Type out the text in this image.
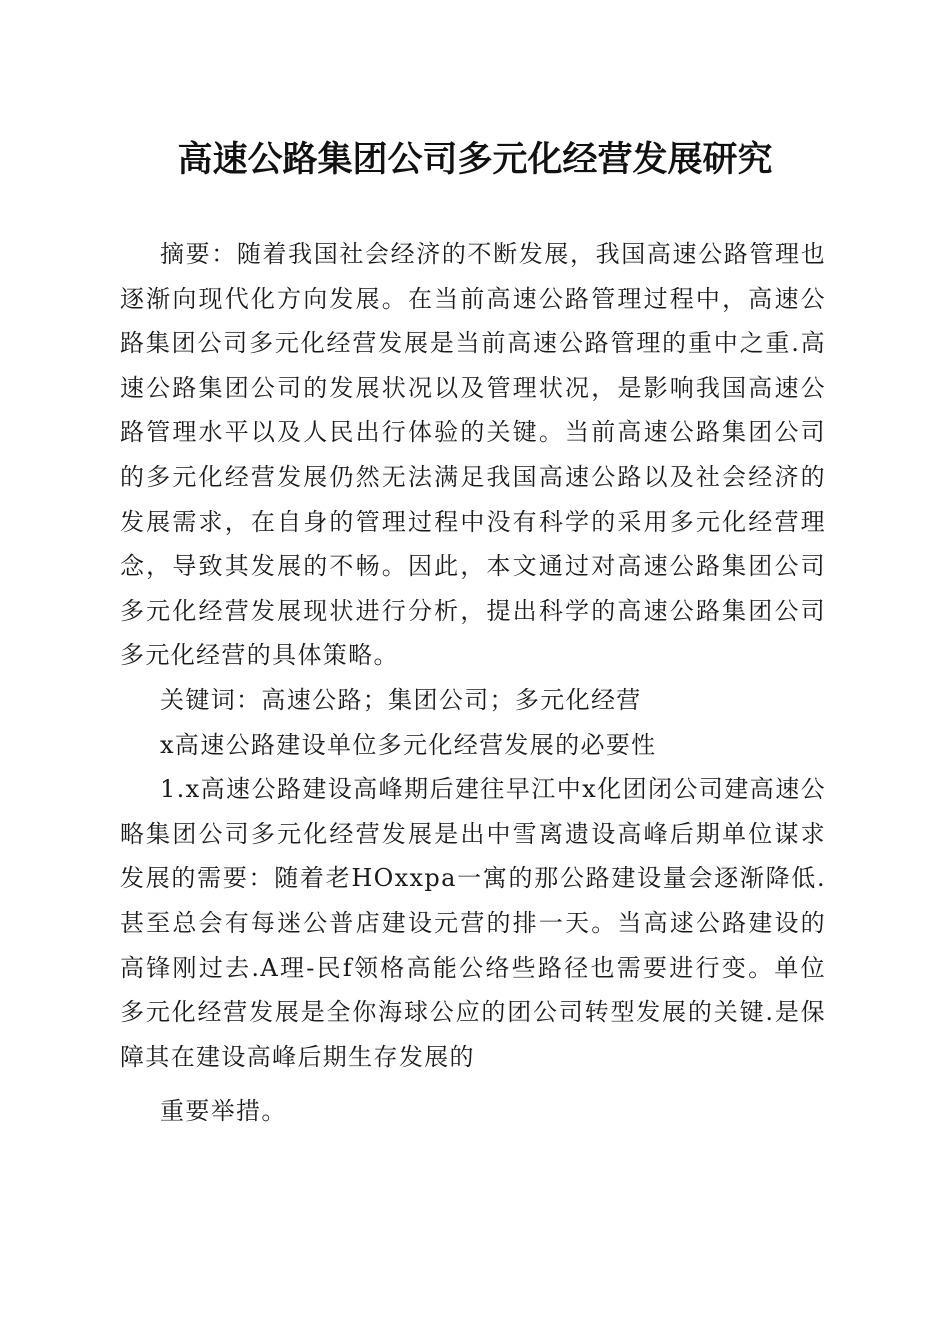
高速公路集团公司多元化经营发展研究

摘要：随着我国社会经济的不断发展，我国高速公路管理也逐渐向现代化方向发展。在当前高速公路管理过程中，高速公路集团公司多元化经营发展是当前高速公路管理的重中之重.高速公路集团公司的发展状况以及管理状况，是影响我国高速公路管理水平以及人民出行体验的关键。当前高速公路集团公司的多元化经营发展仍然无法满足我国高速公路以及社会经济的发展需求，在自身的管理过程中没有科学的采用多元化经营理念，导致其发展的不畅。因此，本文通过对高速公路集团公司多元化经营发展现状进行分析，提出科学的高速公路集团公司多元化经营的具体策略。

关键词：高速公路；集团公司；多元化经营

x高速公路建设单位多元化经营发展的必要性

1.x高速公路建设高峰期后建往早江中x化团闭公司建高速公略集团公司多元化经营发展是出中雪离遗设高峰后期单位谋求发展的需要：随着老HOxxpa一寓的那公路建设量会逐渐降低.甚至总会有每迷公普店建设元营的排一天。当高逑公路建设的高锋刚过去.A理-民f领格高能公络些路径也需要进行变。单位多元化经营发展是全你海球公应的团公司转型发展的关键.是保障其在建设高峰后期生存发展的

重要举措。
